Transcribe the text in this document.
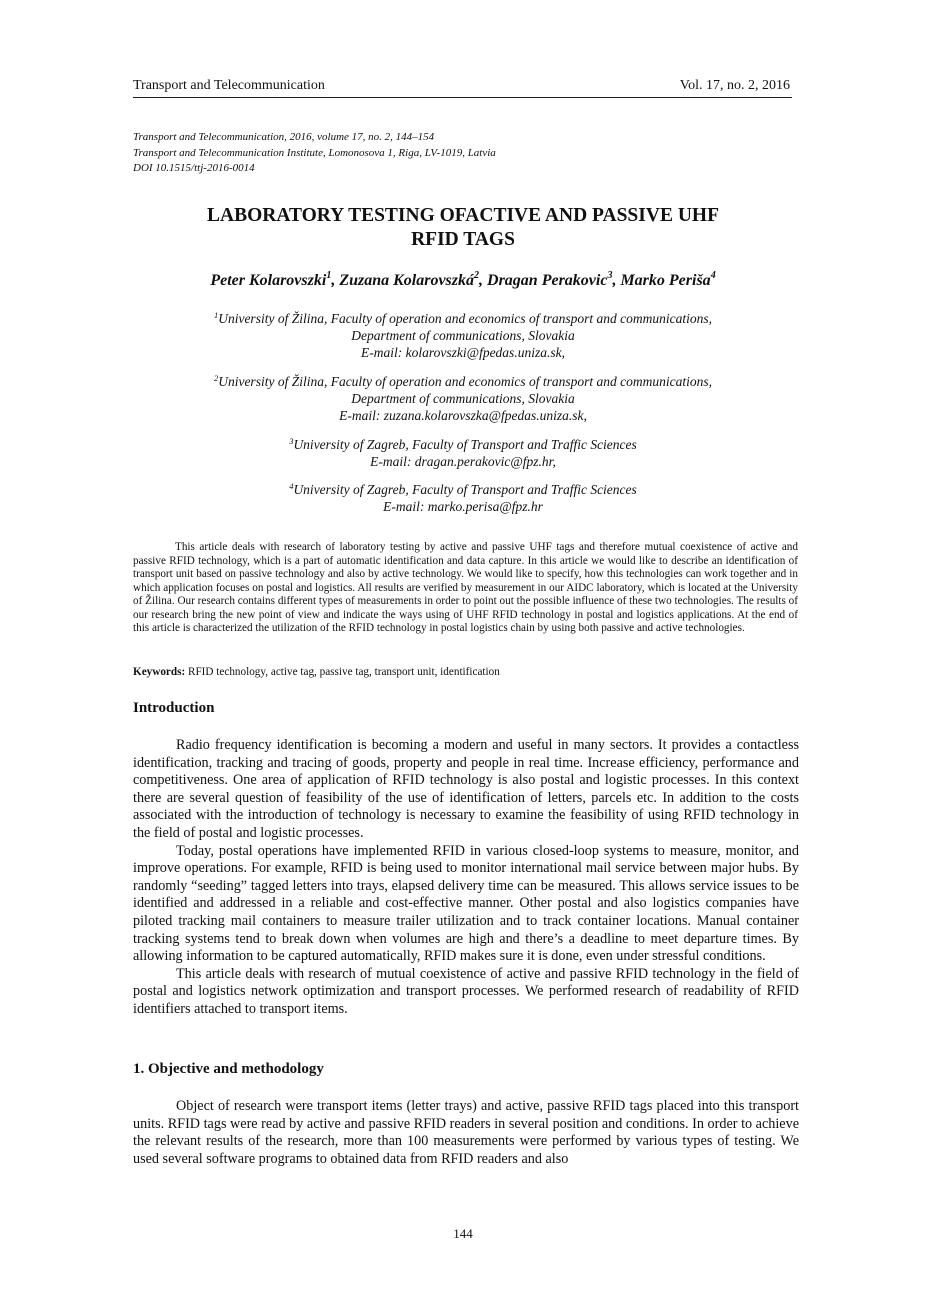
Transport and Telecommunication	Vol. 17, no. 2, 2016
Transport and Telecommunication, 2016, volume 17, no. 2, 144–154
Transport and Telecommunication Institute, Lomonosova 1, Riga, LV-1019, Latvia
DOI 10.1515/ttj-2016-0014
LABORATORY TESTING OFACTIVE AND PASSIVE UHF
RFID TAGS
Peter Kolarovszki$^1$, Zuzana Kolarovszká$^2$, Dragan Perakovic$^3$, Marko Periša$^4$
$^1$University of Žilina, Faculty of operation and economics of transport and communications,
Department of communications, Slovakia
E-mail: kolarovszki@fpedas.uniza.sk,
$^2$University of Žilina, Faculty of operation and economics of transport and communications,
Department of communications, Slovakia
E-mail: zuzana.kolarovszka@fpedas.uniza.sk,
$^3$University of Zagreb, Faculty of Transport and Traffic Sciences
E-mail: dragan.perakovic@fpz.hr,
$^4$University of Zagreb, Faculty of Transport and Traffic Sciences
E-mail: marko.perisa@fpz.hr

This article deals with research of laboratory testing by active and passive UHF tags and therefore mutual coexistence of active and passive RFID technology, which is a part of automatic identification and data capture. In this article we would like to describe an identification of transport unit based on passive technology and also by active technology. We would like to specify, how this technologies can work together and in which application focuses on postal and logistics. All results are verified by measurement in our AIDC laboratory, which is located at the University of Žilina. Our research contains different types of measurements in order to point out the possible influence of these two technologies. The results of our research bring the new point of view and indicate the ways using of UHF RFID technology in postal and logistics applications. At the end of this article is characterized the utilization of the RFID technology in postal logistics chain by using both passive and active technologies.

Keywords: RFID technology, active tag, passive tag, transport unit, identification
Introduction

Radio frequency identification is becoming a modern and useful in many sectors. It provides a contactless identification, tracking and tracing of goods, property and people in real time. Increase efficiency, performance and competitiveness. One area of application of RFID technology is also postal and logistic processes. In this context there are several question of feasibility of the use of identification of letters, parcels etc. In addition to the costs associated with the introduction of technology is necessary to examine the feasibility of using RFID technology in the field of postal and logistic processes.

Today, postal operations have implemented RFID in various closed-loop systems to measure, monitor, and improve operations. For example, RFID is being used to monitor international mail service between major hubs. By randomly “seeding” tagged letters into trays, elapsed delivery time can be measured. This allows service issues to be identified and addressed in a reliable and cost-effective manner. Other postal and also logistics companies have piloted tracking mail containers to measure trailer utilization and to track container locations. Manual container tracking systems tend to break down when volumes are high and there’s a deadline to meet departure times. By allowing information to be captured automatically, RFID makes sure it is done, even under stressful conditions.

This article deals with research of mutual coexistence of active and passive RFID technology in the field of postal and logistics network optimization and transport processes. We performed research of readability of RFID identifiers attached to transport items.

1. Objective and methodology

Object of research were transport items (letter trays) and active, passive RFID tags placed into this transport units. RFID tags were read by active and passive RFID readers in several position and conditions. In order to achieve the relevant results of the research, more than 100 measurements were performed by various types of testing. We used several software programs to obtained data from RFID readers and also

144
